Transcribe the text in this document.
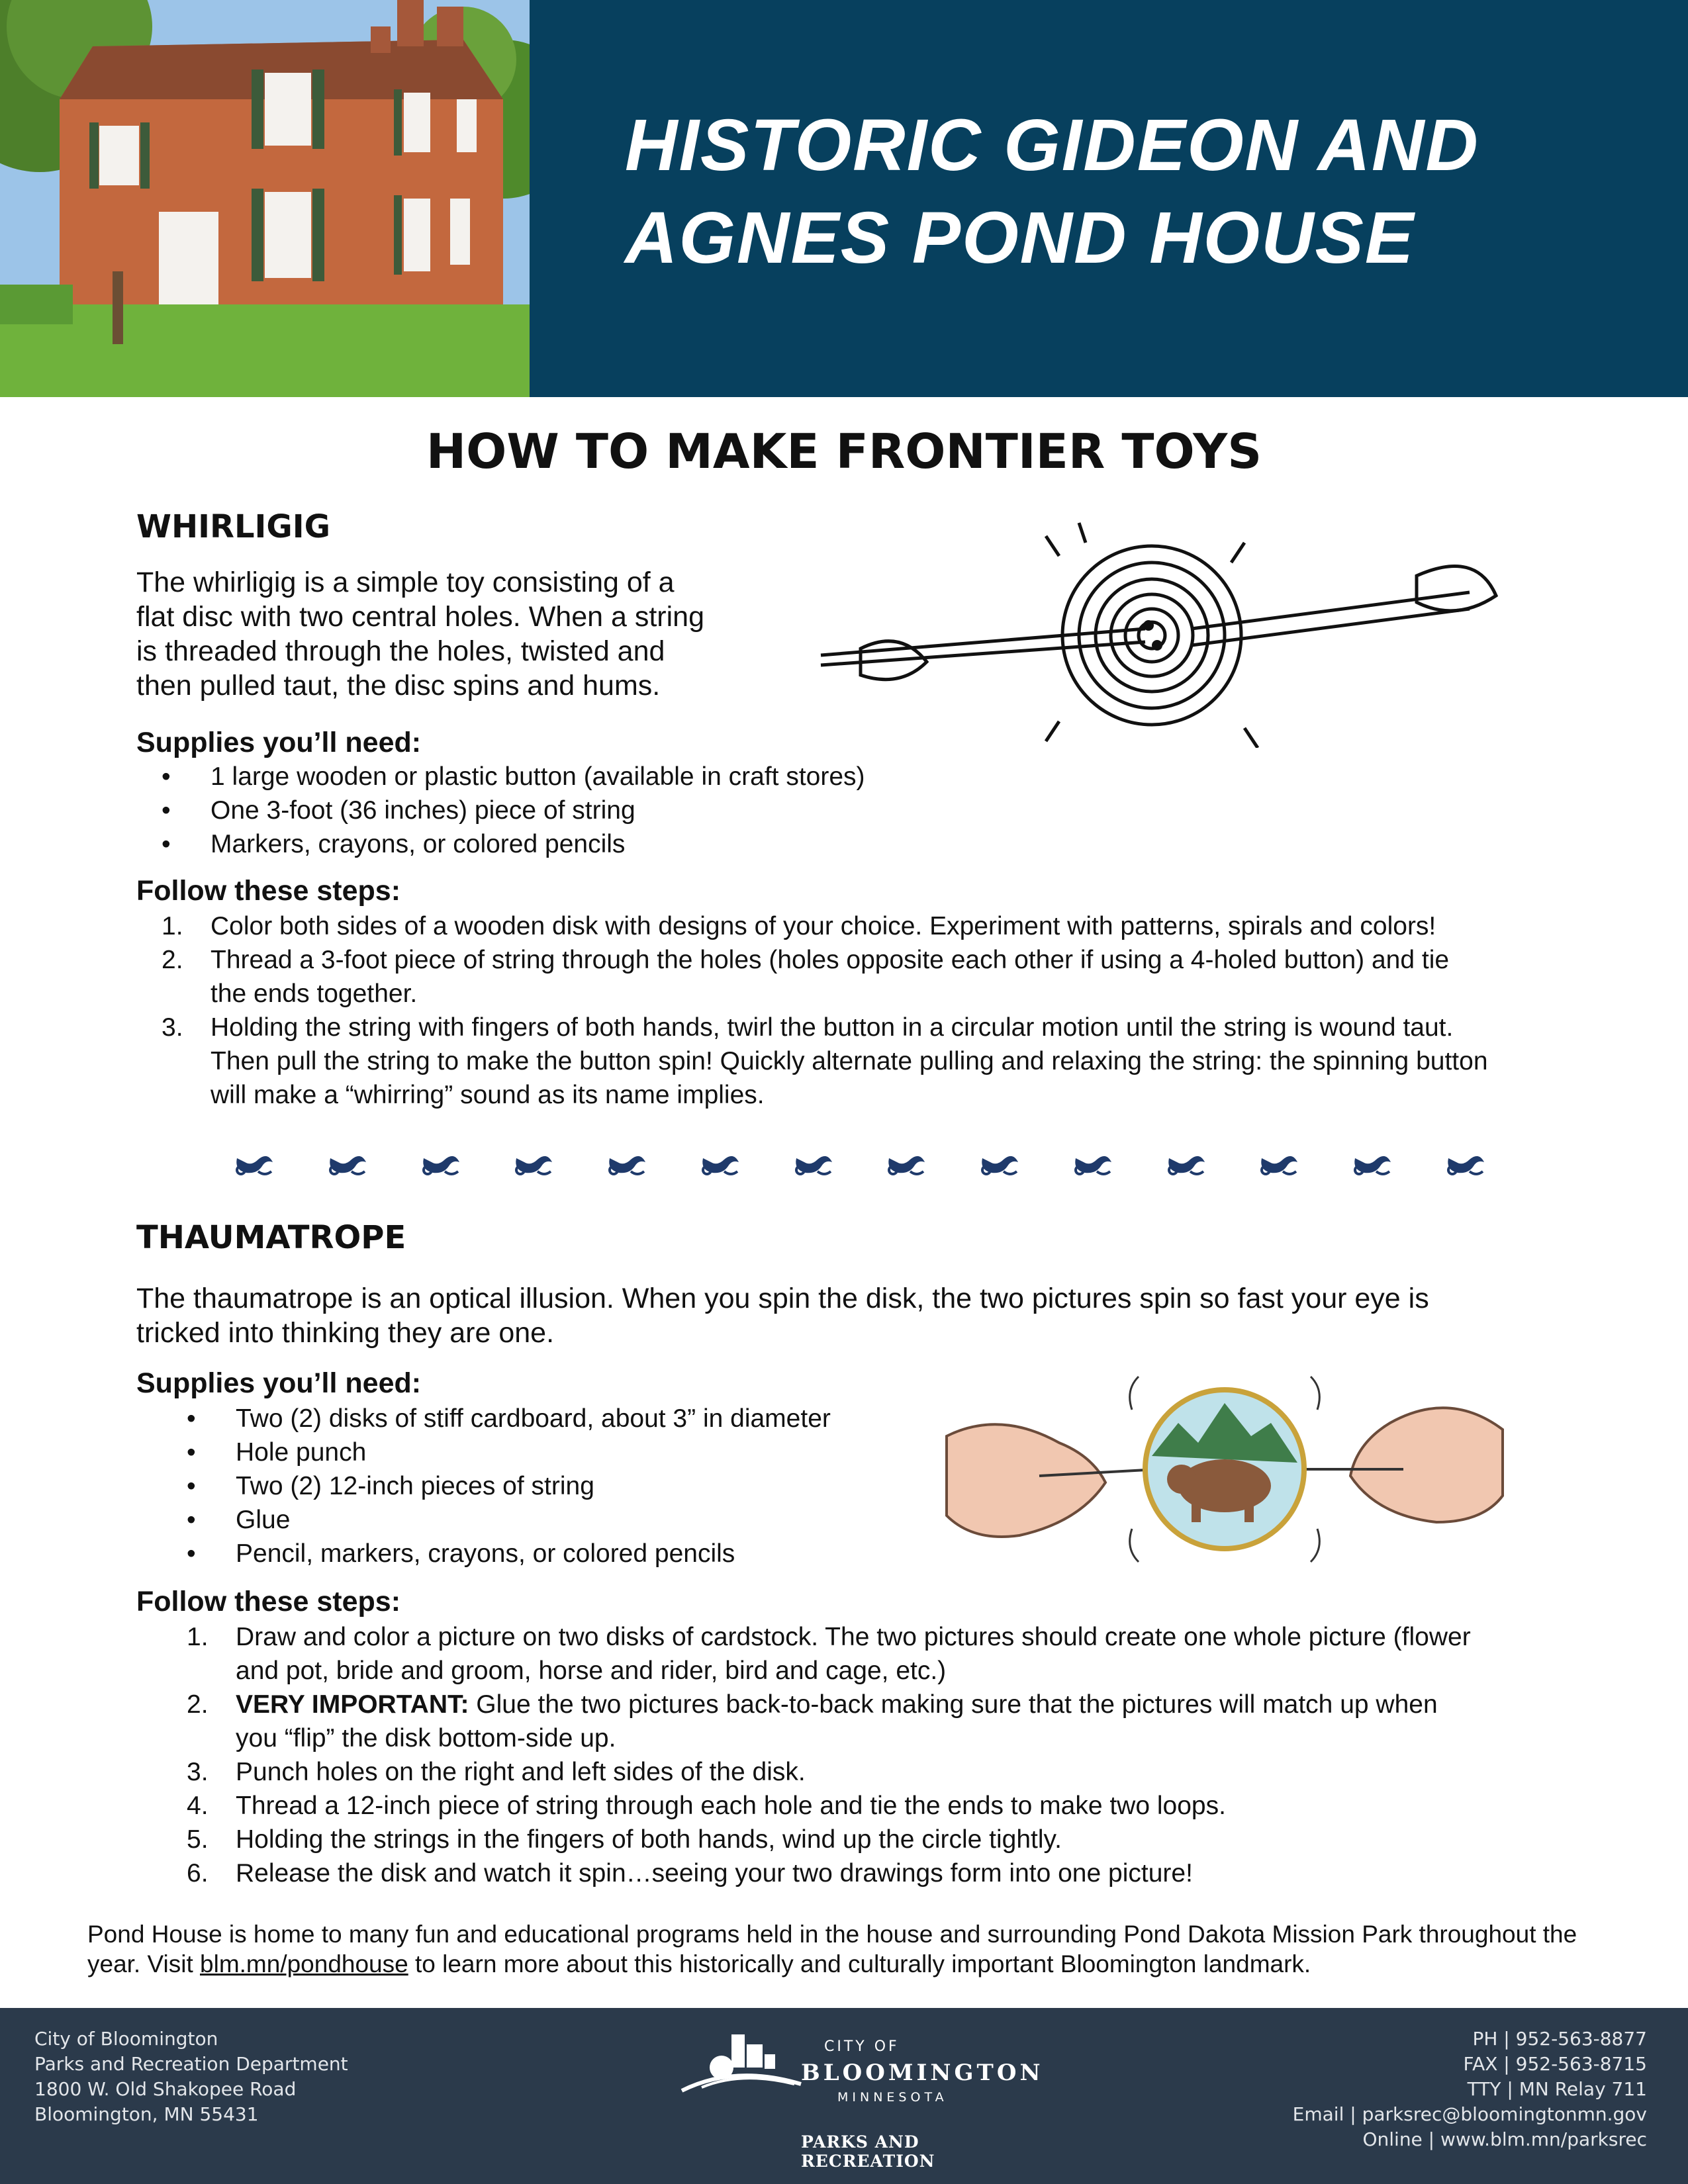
HISTORIC GIDEON AND
AGNES POND HOUSE
HOW TO MAKE FRONTIER TOYS
WHIRLIGIG
The whirligig is a simple toy consisting of a
flat disc with two central holes. When a string
is threaded through the holes, twisted and
then pulled taut, the disc spins and hums.
Supplies you’ll need:
• 1 large wooden or plastic button (available in craft stores)
• One 3-foot (36 inches) piece of string
• Markers, crayons, or colored pencils
Follow these steps:
1.	Color both sides of a wooden disk with designs of your choice. Experiment with patterns, spirals and colors!
2.	Thread a 3-foot piece of string through the holes (holes opposite each other if using a 4-holed button) and tie
the ends together.
3.	Holding the string with fingers of both hands, twirl the button in a circular motion until the string is wound taut.
Then pull the string to make the button spin! Quickly alternate pulling and relaxing the string: the spinning button
will make a “whirring” sound as its name implies.
THAUMATROPE
The thaumatrope is an optical illusion. When you spin the disk, the two pictures spin so fast your eye is
tricked into thinking they are one.
Supplies you’ll need:
• Two (2) disks of stiff cardboard, about 3” in diameter
• Hole punch
• Two (2) 12-inch pieces of string
• Glue
• Pencil, markers, crayons, or colored pencils
Follow these steps:
1.	Draw and color a picture on two disks of cardstock. The two pictures should create one whole picture (flower
and pot, bride and groom, horse and rider, bird and cage, etc.)
2.	VERY IMPORTANT: Glue the two pictures back-to-back making sure that the pictures will match up when
you “flip” the disk bottom-side up.
3.	Punch holes on the right and left sides of the disk.
4.	Thread a 12-inch piece of string through each hole and tie the ends to make two loops.
5.	Holding the strings in the fingers of both hands, wind up the circle tightly.
6.	Release the disk and watch it spin…seeing your two drawings form into one picture!
Pond House is home to many fun and educational programs held in the house and surrounding Pond Dakota Mission Park throughout the year. Visit blm.mn/pondhouse to learn more about this historically and culturally important Bloomington landmark.
City of Bloomington
Parks and Recreation Department
1800 W. Old Shakopee Road
Bloomington, MN 55431
CITY OF
BLOOMINGTON
MINNESOTA
PARKS AND RECREATION
PH | 952-563-8877
FAX | 952-563-8715
TTY | MN Relay 711
Email | parksrec@bloomingtonmn.gov
Online | www.blm.mn/parksrec
